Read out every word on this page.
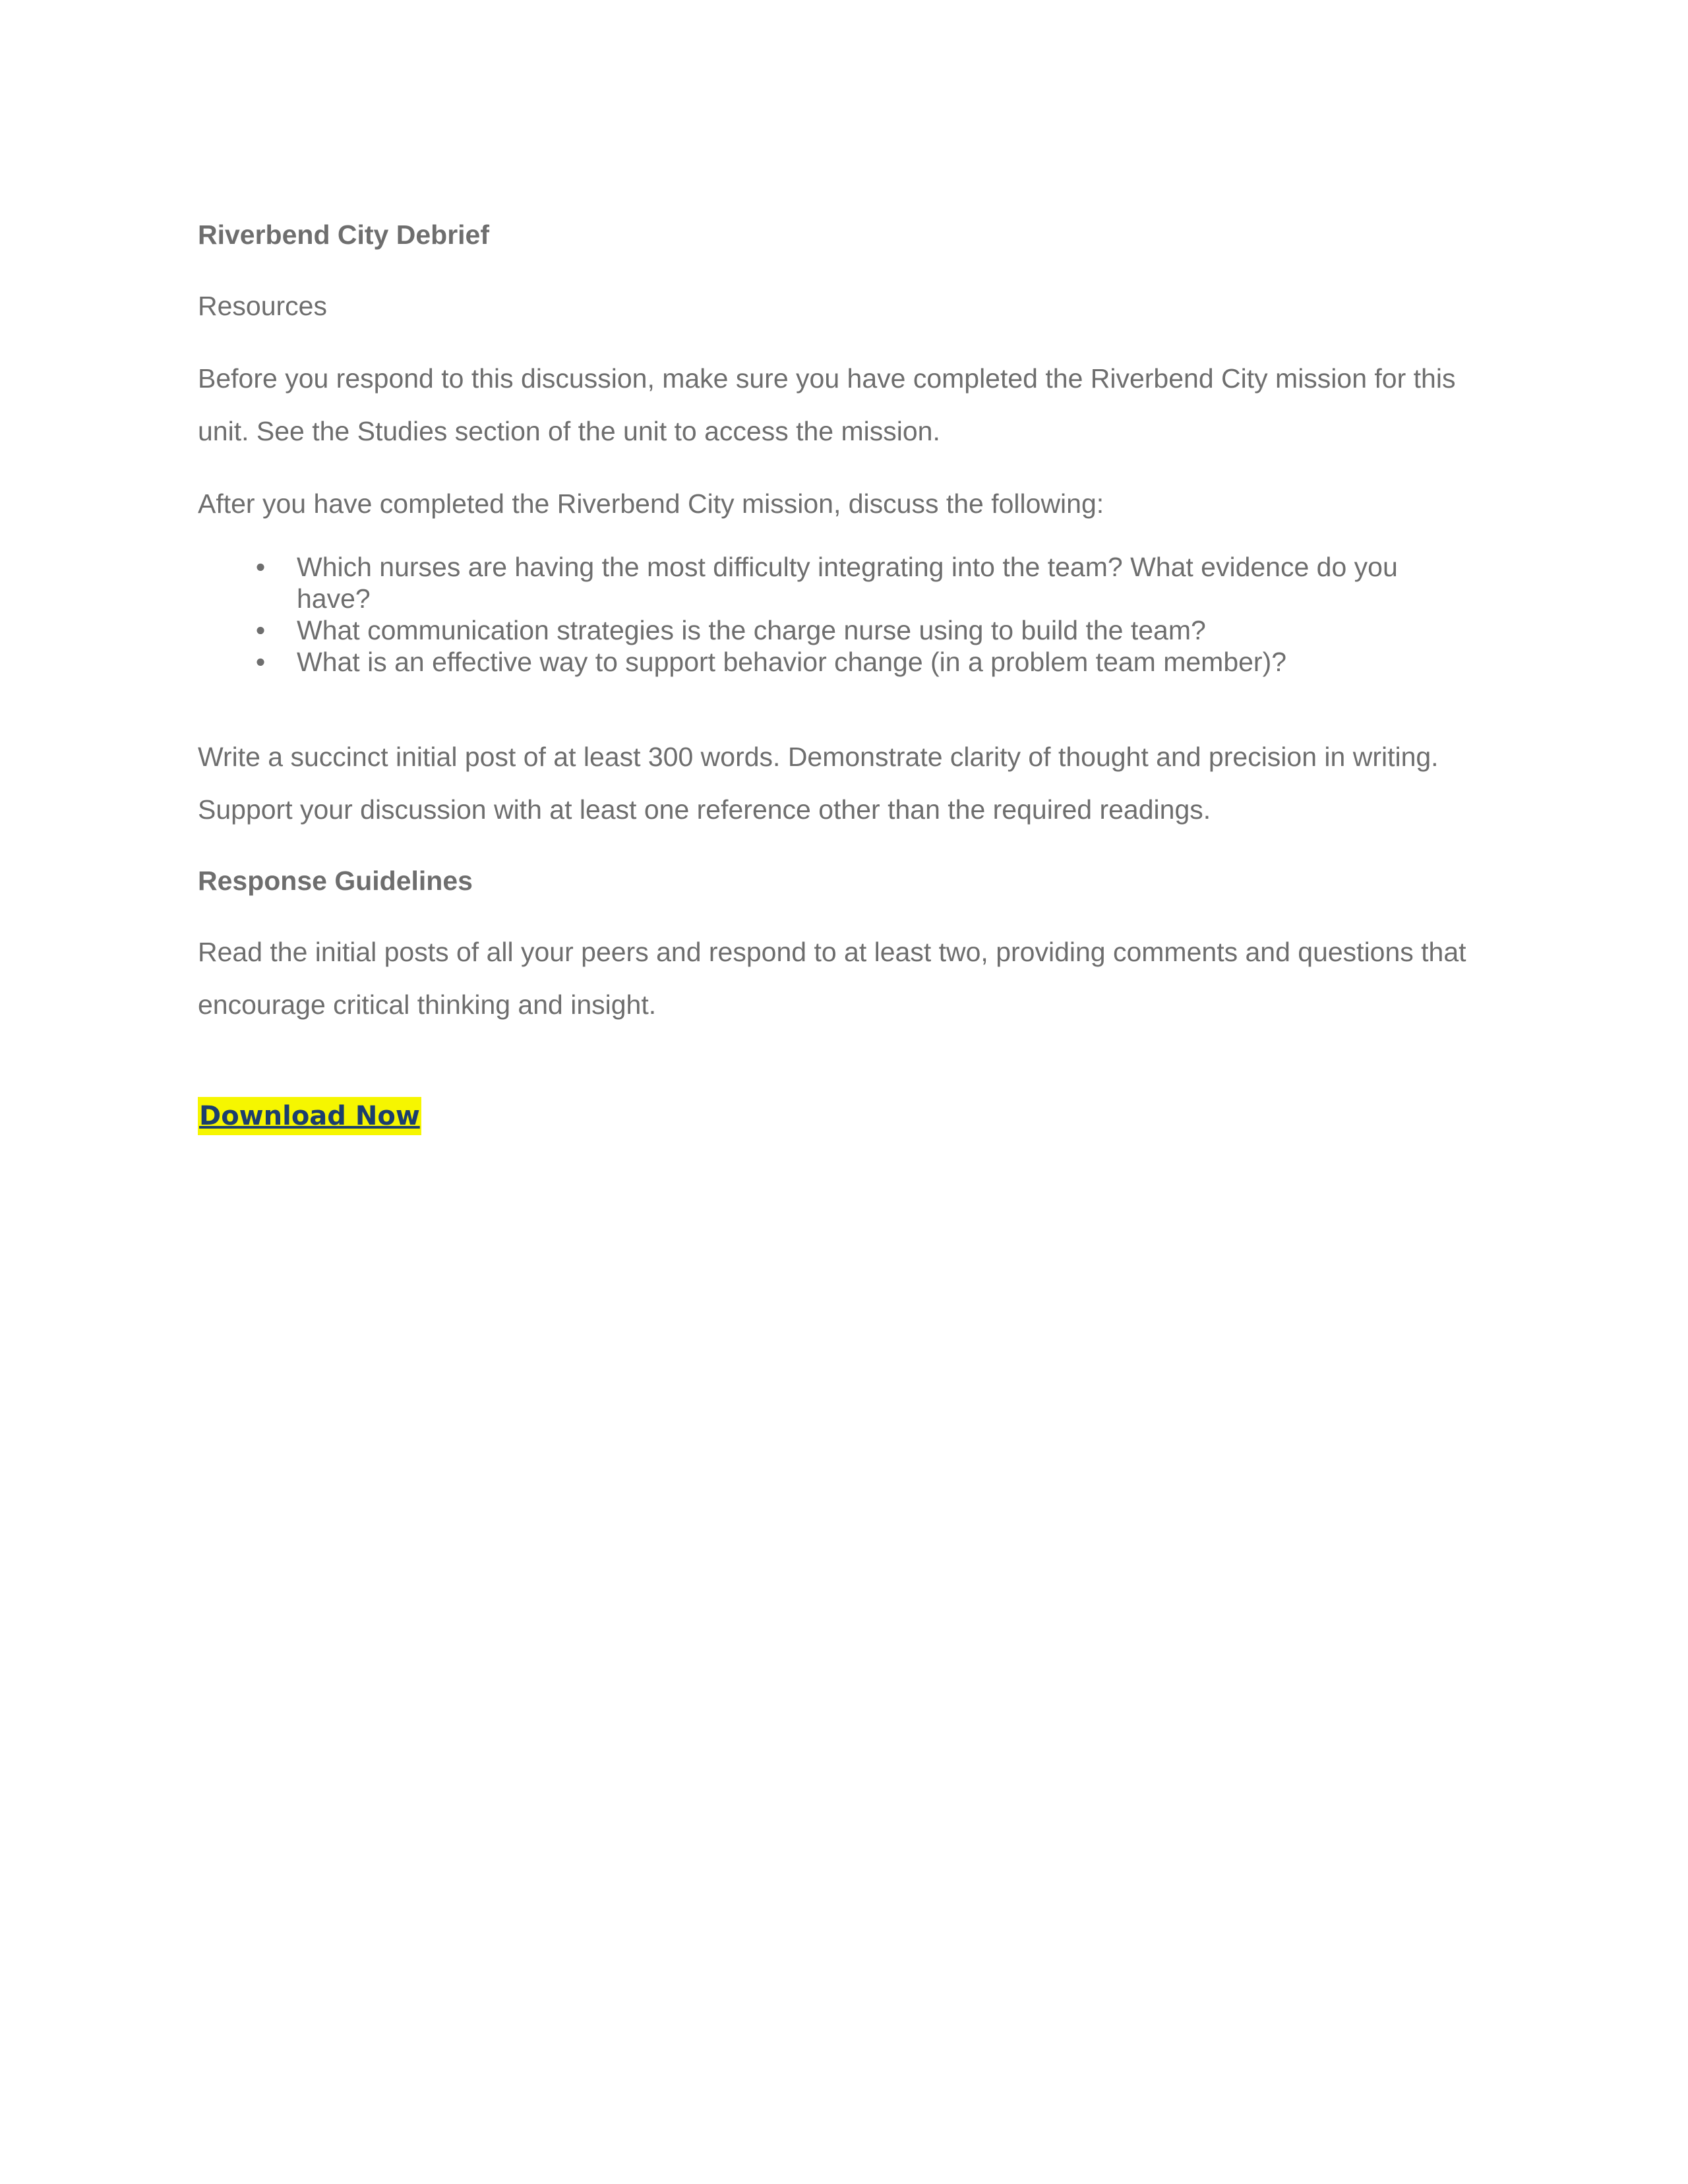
Riverbend City Debrief

Resources

Before you respond to this discussion, make sure you have completed the Riverbend City mission for this unit. See the Studies section of the unit to access the mission.

After you have completed the Riverbend City mission, discuss the following:

• Which nurses are having the most difficulty integrating into the team? What evidence do you have?
• What communication strategies is the charge nurse using to build the team?
• What is an effective way to support behavior change (in a problem team member)?

Write a succinct initial post of at least 300 words. Demonstrate clarity of thought and precision in writing. Support your discussion with at least one reference other than the required readings.

Response Guidelines

Read the initial posts of all your peers and respond to at least two, providing comments and questions that encourage critical thinking and insight.

Download Now
